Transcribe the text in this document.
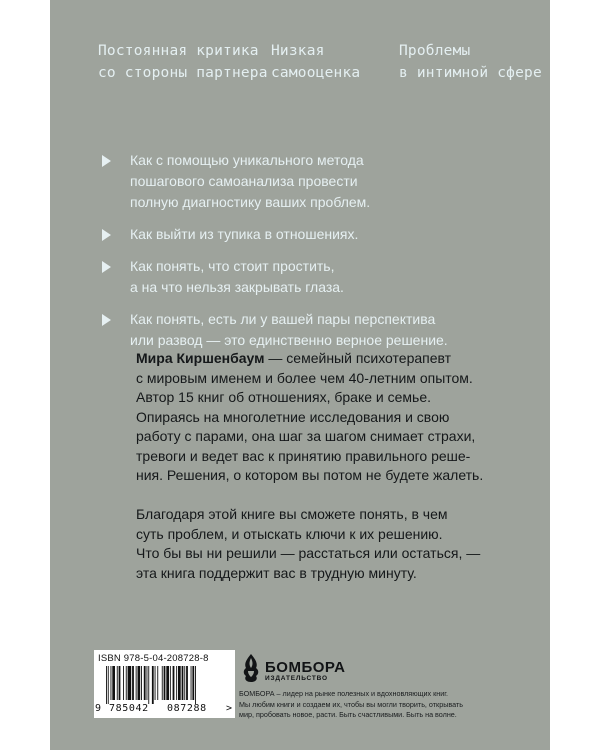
Постоянная критика
со стороны партнера
Низкая
самооценка
Проблемы
в интимной сфере
Как с помощью уникального метода
пошагового самоанализа провести
полную диагностику ваших проблем.
Как выйти из тупика в отношениях.
Как понять, что стоит простить,
а на что нельзя закрывать глаза.
Как понять, есть ли у вашей пары перспектива
или развод — это единственно верное решение.

Мира Киршенбаум — семейный психотерапевт
с мировым именем и более чем 40-летним опытом.
Автор 15 книг об отношениях, браке и семье.
Опираясь на многолетние исследования и свою
работу с парами, она шаг за шагом снимает страхи,
тревоги и ведет вас к принятию правильного реше-
ния. Решения, о котором вы потом не будете жалеть.

Благодаря этой книге вы сможете понять, в чем
суть проблем, и отыскать ключи к их решению.
Что бы вы ни решили — расстаться или остаться, —
эта книга поддержит вас в трудную минуту.

ISBN 978-5-04-208728-8
9 785042 087288 >
БОМБОРА
ИЗДАТЕЛЬСТВО
БОМБОРА – лидер на рынке полезных и вдохновляющих книг.
Мы любим книги и создаем их, чтобы вы могли творить, открывать
мир, пробовать новое, расти. Быть счастливыми. Быть на волне.
